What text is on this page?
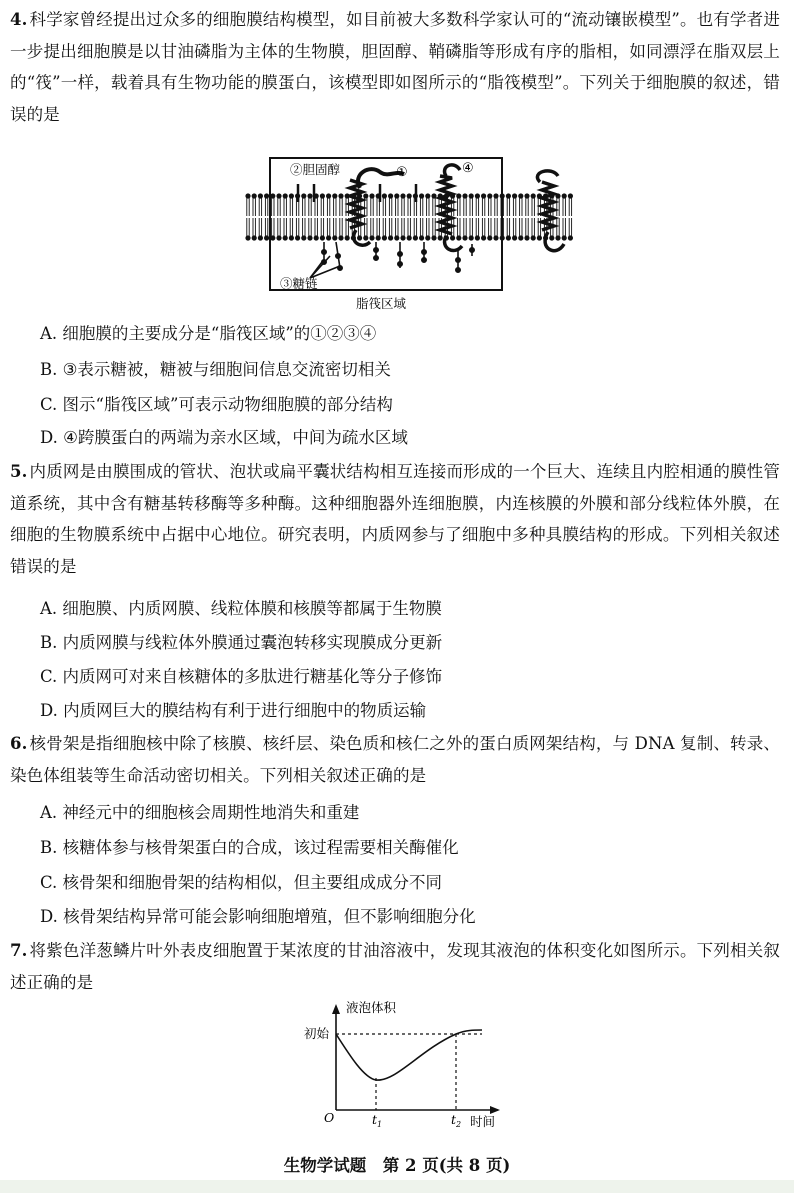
4. 科学家曾经提出过众多的细胞膜结构模型，如目前被大多数科学家认可的“流动镶嵌模型”。也有学者进一步提出细胞膜是以甘油磷脂为主体的生物膜，胆固醇、鞘磷脂等形成有序的脂相，如同漂浮在脂双层上的“筏”一样，载着具有生物功能的膜蛋白，该模型即如图所示的“脂筏模型”。下列关于细胞膜的叙述，错误的是
②胆固醇	①	④
③糖链
脂筏区域
A. 细胞膜的主要成分是“脂筏区域”的①②③④
B. ③表示糖被，糖被与细胞间信息交流密切相关
C. 图示“脂筏区域”可表示动物细胞膜的部分结构
D. ④跨膜蛋白的两端为亲水区域，中间为疏水区域
5. 内质网是由膜围成的管状、泡状或扁平囊状结构相互连接而形成的一个巨大、连续且内腔相通的膜性管道系统，其中含有糖基转移酶等多种酶。这种细胞器外连细胞膜，内连核膜的外膜和部分线粒体外膜，在细胞的生物膜系统中占据中心地位。研究表明，内质网参与了细胞中多种具膜结构的形成。下列相关叙述错误的是
A. 细胞膜、内质网膜、线粒体膜和核膜等都属于生物膜
B. 内质网膜与线粒体外膜通过囊泡转移实现膜成分更新
C. 内质网可对来自核糖体的多肽进行糖基化等分子修饰
D. 内质网巨大的膜结构有利于进行细胞中的物质运输
6. 核骨架是指细胞核中除了核膜、核纤层、染色质和核仁之外的蛋白质网架结构，与 DNA 复制、转录、染色体组装等生命活动密切相关。下列相关叙述正确的是
A. 神经元中的细胞核会周期性地消失和重建
B. 核糖体参与核骨架蛋白的合成，该过程需要相关酶催化
C. 核骨架和细胞骨架的结构相似，但主要组成成分不同
D. 核骨架结构异常可能会影响细胞增殖，但不影响细胞分化
7. 将紫色洋葱鳞片叶外表皮细胞置于某浓度的甘油溶液中，发现其液泡的体积变化如图所示。下列相关叙述正确的是
液泡体积
初始
O	$t_1$	$t_2$ 时间
生物学试题　第 2 页(共 8 页)
